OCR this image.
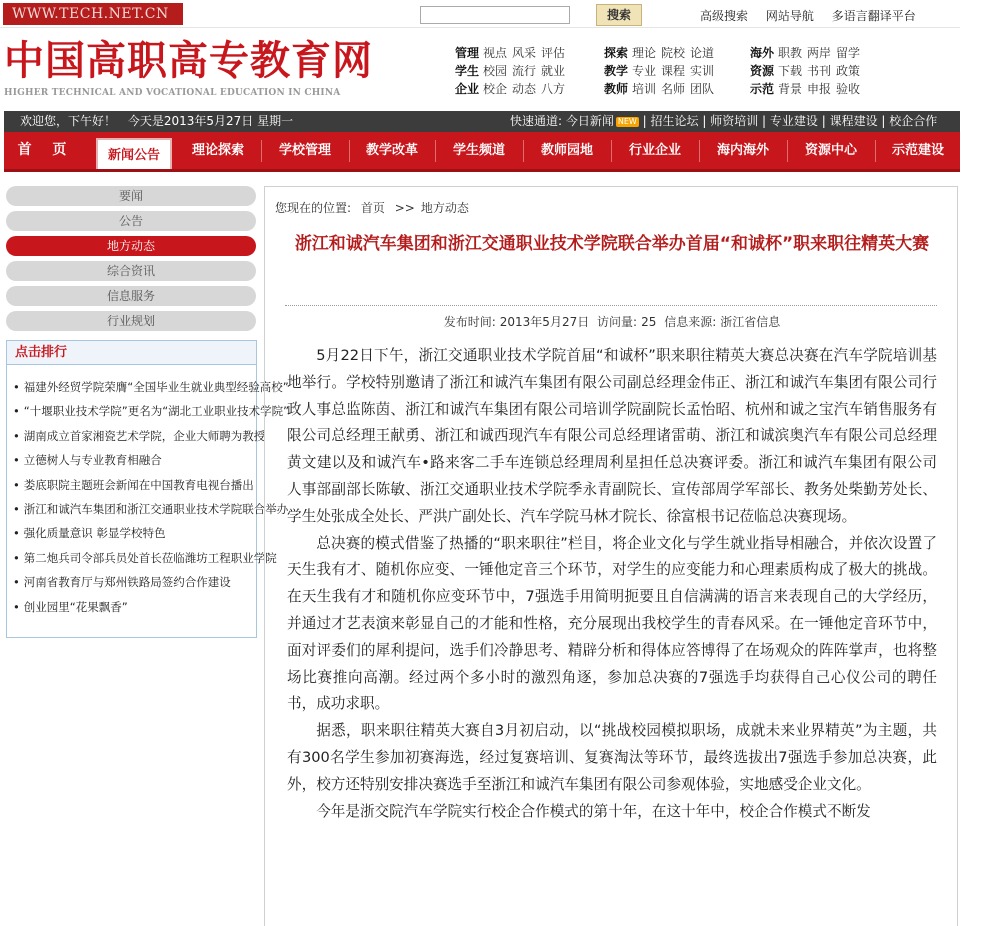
WWW.TECH.NET.CN	搜索	高级搜索 网站导航 多语言翻译平台
中国高职高专教育网
HIGHER TECHNICAL AND VOCATIONAL EDUCATION IN CHINA
管理 视点 风采 评估
学生 校园 流行 就业
企业 校企 动态 八方
探索 理论 院校 论道
教学 专业 课程 实训
教师 培训 名师 团队
海外 职教 两岸 留学
资源 下载 书刊 政策
示范 背景 申报 验收
欢迎您，下午好！ 今天是2013年5月27日 星期一	快速通道: 今日新闻 NEW | 招生论坛 | 师资培训 | 专业建设 | 课程建设 | 校企合作
首 页	新闻公告	理论探索	学校管理	教学改革	学生频道	教师园地	行业企业	海内海外	资源中心	示范建设
要闻
公告
地方动态
综合资讯
信息服务
行业规划
点击排行
• 福建外经贸学院荣膺“全国毕业生就业典型经验高校”
• “十堰职业技术学院”更名为“湖北工业职业技术学院”
• 湖南成立首家湘瓷艺术学院，企业大师聘为教授
• 立德树人与专业教育相融合
• 娄底职院主题班会新闻在中国教育电视台播出
• 浙江和诚汽车集团和浙江交通职业技术学院联合举办
• 强化质量意识 彰显学校特色
• 第二炮兵司令部兵员处首长莅临潍坊工程职业学院
• 河南省教育厅与郑州铁路局签约合作建设
• 创业园里“花果飘香”
您现在的位置: 首页 >> 地方动态
浙江和诚汽车集团和浙江交通职业技术学院联合举办首届“和诚杯”职来职往精英大赛
发布时间: 2013年5月27日 访问量: 25 信息来源: 浙江省信息

5月22日下午，浙江交通职业技术学院首届“和诚杯”职来职往精英大赛总决赛在汽车学院培训基地举行。学校特别邀请了浙江和诚汽车集团有限公司副总经理金伟正、浙江和诚汽车集团有限公司行政人事总监陈茵、浙江和诚汽车集团有限公司培训学院副院长孟怡昭、杭州和诚之宝汽车销售服务有限公司总经理王献勇、浙江和诚西现汽车有限公司总经理诸雷萌、浙江和诚滨奥汽车有限公司总经理黄文建以及和诚汽车•路来客二手车连锁总经理周利星担任总决赛评委。浙江和诚汽车集团有限公司人事部副部长陈敏、浙江交通职业技术学院季永青副院长、宣传部周学军部长、教务处柴勤芳处长、学生处张成全处长、严洪广副处长、汽车学院马林才院长、徐富根书记莅临总决赛现场。

总决赛的模式借鉴了热播的“职来职往”栏目，将企业文化与学生就业指导相融合，并依次设置了天生我有才、随机你应变、一锤他定音三个环节，对学生的应变能力和心理素质构成了极大的挑战。在天生我有才和随机你应变环节中，7强选手用简明扼要且自信满满的语言来表现自己的大学经历，并通过才艺表演来彰显自己的才能和性格，充分展现出我校学生的青春风采。在一锤他定音环节中，面对评委们的犀利提问，选手们冷静思考、精辟分析和得体应答博得了在场观众的阵阵掌声，也将整场比赛推向高潮。经过两个多小时的激烈角逐，参加总决赛的7强选手均获得自己心仪公司的聘任书，成功求职。

据悉，职来职往精英大赛自3月初启动，以“挑战校园模拟职场，成就未来业界精英”为主题，共有300名学生参加初赛海选，经过复赛培训、复赛淘汰等环节，最终选拔出7强选手参加总决赛，此外，校方还特别安排决赛选手至浙江和诚汽车集团有限公司参观体验，实地感受企业文化。

今年是浙交院汽车学院实行校企合作模式的第十年，在这十年中，校企合作模式不断发
